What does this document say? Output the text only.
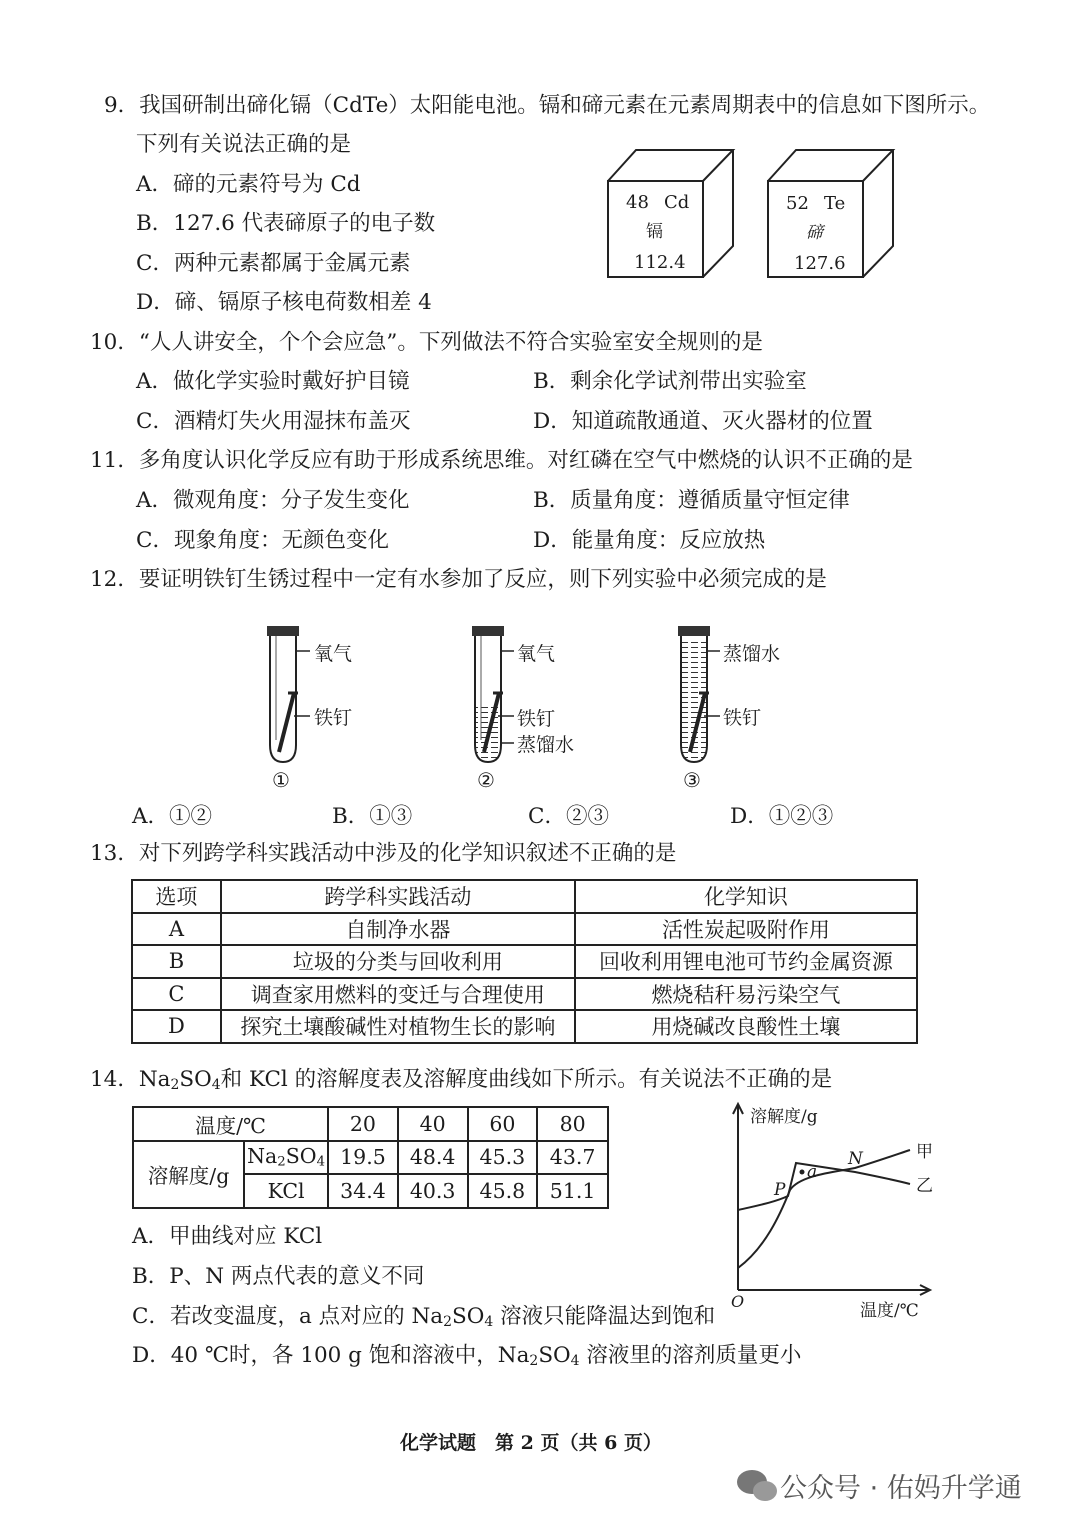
9．我国研制出碲化镉（CdTe）太阳能电池。镉和碲元素在元素周期表中的信息如下图所示。
下列有关说法正确的是
A．碲的元素符号为 Cd
B．127.6 代表碲原子的电子数
C．两种元素都属于金属元素
D．碲、镉原子核电荷数相差 4
48 Cd
镉
112.4
52 Te
碲
127.6
10．“人人讲安全，个个会应急”。下列做法不符合实验室安全规则的是
A．做化学实验时戴好护目镜	B．剩余化学试剂带出实验室
C．酒精灯失火用湿抹布盖灭	D．知道疏散通道、灭火器材的位置
11．多角度认识化学反应有助于形成系统思维。对红磷在空气中燃烧的认识不正确的是
A．微观角度：分子发生变化	B．质量角度：遵循质量守恒定律
C．现象角度：无颜色变化	D．能量角度：反应放热
12．要证明铁钉生锈过程中一定有水参加了反应，则下列实验中必须完成的是
氧气
铁钉
①
氧气
铁钉
蒸馏水
②
蒸馏水
铁钉
③
A．①②	B．①③	C．②③	D．①②③
13．对下列跨学科实践活动中涉及的化学知识叙述不正确的是
选项	跨学科实践活动	化学知识
A	自制净水器	活性炭起吸附作用
B	垃圾的分类与回收利用	回收利用锂电池可节约金属资源
C	调查家用燃料的变迁与合理使用	燃烧秸秆易污染空气
D	探究土壤酸碱性对植物生长的影响	用烧碱改良酸性土壤
14．$Na_2SO_4$和 KCl 的溶解度表及溶解度曲线如下所示。有关说法不正确的是
温度/℃		20	40	60	80
溶解度/g	$Na_2SO_4$	19.5	48.4	45.3	43.7
	KCl	34.4	40.3	45.8	51.1
溶解度/g
温度/℃
O
P
N
a
甲
乙
A．甲曲线对应 KCl
B．P、N 两点代表的意义不同
C．若改变温度，a 点对应的 $Na_2SO_4$ 溶液只能降温达到饱和
D．40 ℃时，各 100 g 饱和溶液中，$Na_2SO_4$ 溶液里的溶剂质量更小
化学试题　第 2 页（共 6 页）
公众号 · 佑妈升学通
